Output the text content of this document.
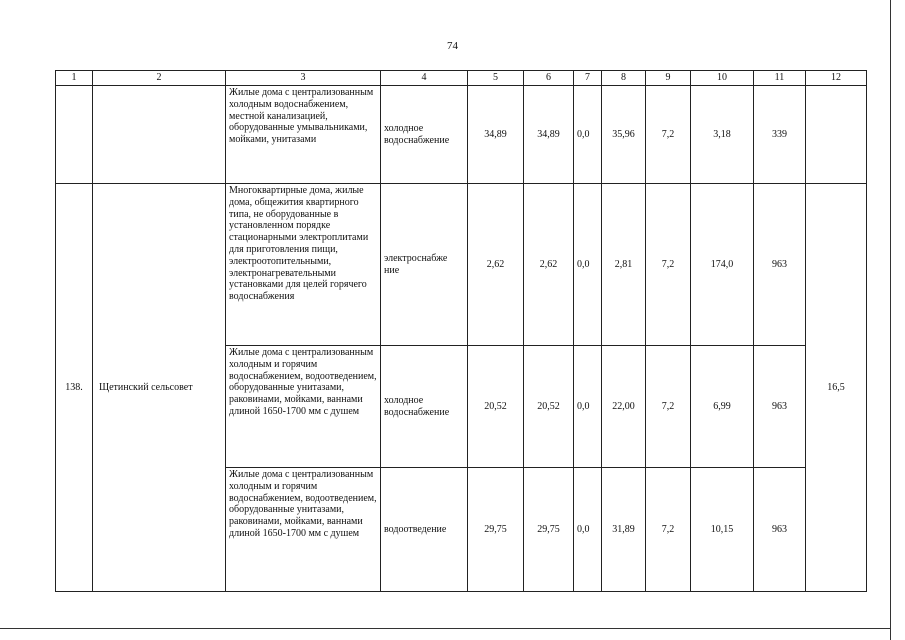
74
1	2	3	4	5	6	7	8	9	10	11	12
		Жилые дома с централизованным холодным водоснабжением, местной канализацией, оборудованные умывальниками, мойками, унитазами	холодное водоснабжение	34,89	34,89	0,0	35,96	7,2	3,18	339	
138.	Щетинский сельсовет	Многоквартирные дома, жилые дома, общежития квартирного типа, не оборудованные в установленном порядке стационарными электроплитами для приготовления пищи, электроотопительными, электронагревательными установками для целей горячего водоснабжения	электроснабже ние	2,62	2,62	0,0	2,81	7,2	174,0	963	16,5
		Жилые дома с централизованным холодным и горячим водоснабжением, водоотведением, оборудованные унитазами, раковинами, мойками, ваннами длиной 1650-1700 мм с душем	холодное водоснабжение	20,52	20,52	0,0	22,00	7,2	6,99	963	
		Жилые дома с централизованным холодным и горячим водоснабжением, водоотведением, оборудованные унитазами, раковинами, мойками, ваннами длиной 1650-1700 мм с душем	водоотведение	29,75	29,75	0,0	31,89	7,2	10,15	963	
